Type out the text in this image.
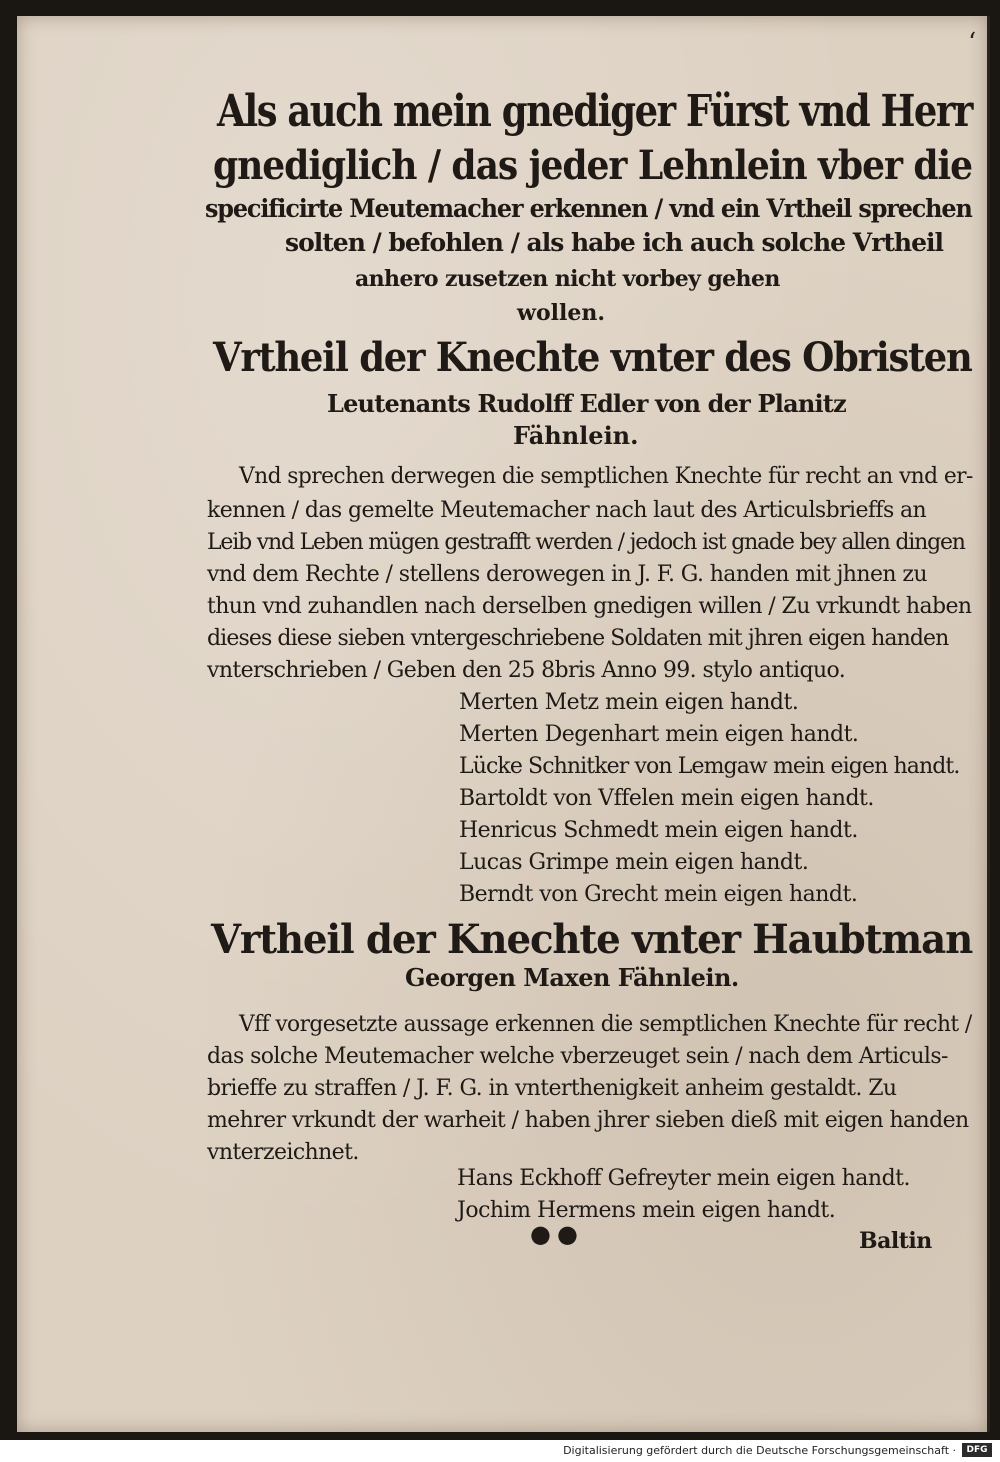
Als auch mein gnediger Fürst vnd Herr
gnediglich / das jeder Lehnlein vber die
specificirte Meutemacher erkennen / vnd ein Vrtheil sprechen
solten / befohlen / als habe ich auch solche Vrtheil
anhero zusetzen nicht vorbey gehen
wollen.
Vrtheil der Knechte vnter des Obristen
Leutenants Rudolff Edler von der Planitz
Fähnlein.
Vnd sprechen derwegen die semptlichen Knechte für recht an vnd er-
kennen / das gemelte Meutemacher nach laut des Articulsbrieffs an
Leib vnd Leben mügen gestrafft werden / jedoch ist gnade bey allen dingen
vnd dem Rechte / stellens derowegen in J. F. G. handen mit jhnen zu
thun vnd zuhandlen nach derselben gnedigen willen / Zu vrkundt haben
dieses diese sieben vntergeschriebene Soldaten mit jhren eigen handen
vnterschrieben / Geben den 25 8bris Anno 99. stylo antiquo.
Merten Metz mein eigen handt.
Merten Degenhart mein eigen handt.
Lücke Schnitker von Lemgaw mein eigen handt.
Bartoldt von Vffelen mein eigen handt.
Henricus Schmedt mein eigen handt.
Lucas Grimpe mein eigen handt.
Berndt von Grecht mein eigen handt.
Vrtheil der Knechte vnter Haubtman
Georgen Maxen Fähnlein.
Vff vorgesetzte aussage erkennen die semptlichen Knechte für recht /
das solche Meutemacher welche vberzeuget sein / nach dem Articuls-
brieffe zu straffen / J. F. G. in vnterthenigkeit anheim gestaldt. Zu
mehrer vrkundt der warheit / haben jhrer sieben dieß mit eigen handen
vnterzeichnet.
Hans Eckhoff Gefreyter mein eigen handt.
Jochim Hermens mein eigen handt.
Baltin
●●
‘
Digitalisierung gefördert durch die Deutsche Forschungsgemeinschaft ·	DFG
